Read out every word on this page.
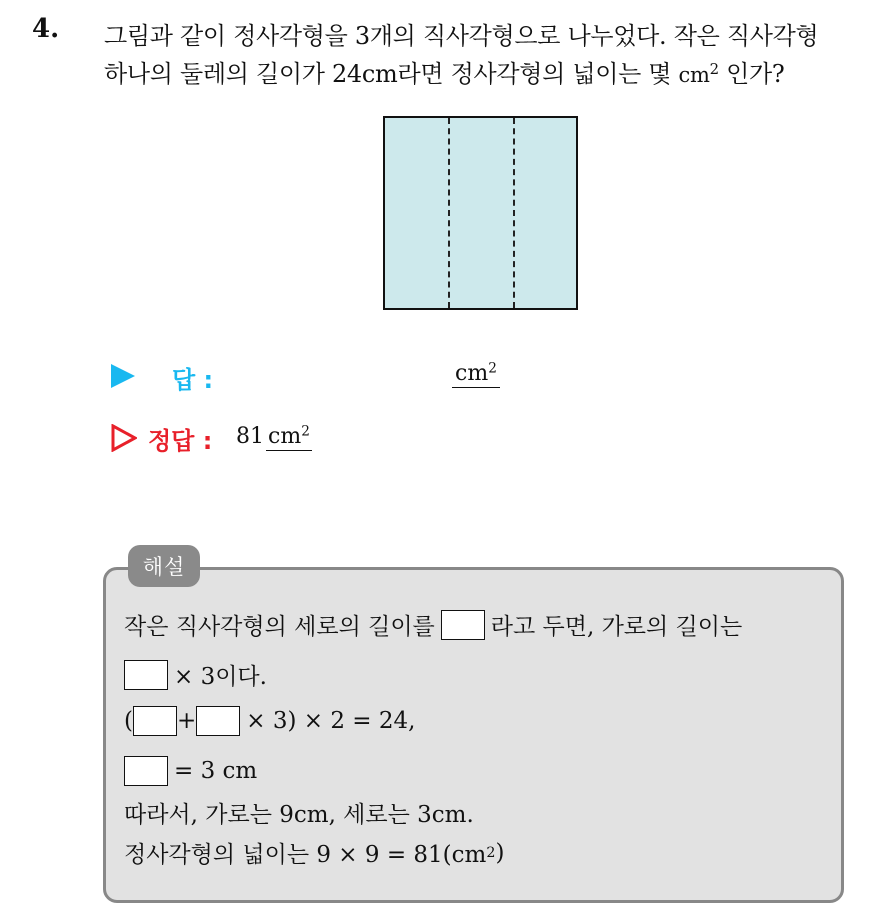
4. 그림과 같이 정사각형을 3개의 직사각형으로 나누었다. 작은 직사각형
하나의 둘레의 길이가 24cm라면 정사각형의 넓이는 몇 $cm^2$ 인가?
답 :	$cm^2$
정답 : 81 $cm^2$
해설
작은 직사각형의 세로의 길이를 라고 두면, 가로의 길이는
× 3이다.
( + × 3) × 2 = 24,
= 3 cm
따라서, 가로는 9cm, 세로는 3cm.
정사각형의 넓이는 9 × 9 = 81(cm 2 )
